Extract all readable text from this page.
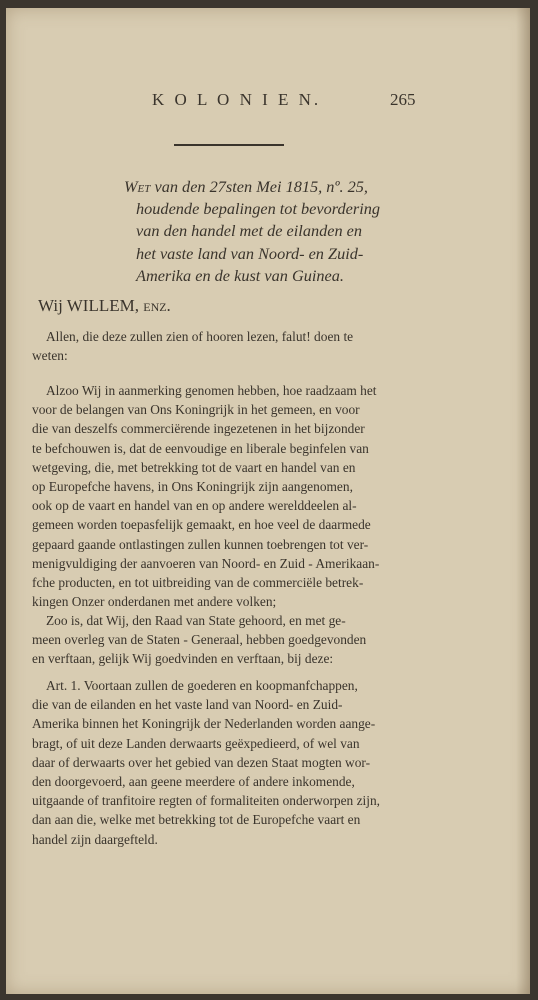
K O L O N I E N.	265

Wet van den 27sten Mei 1815, nº. 25,
houdende bepalingen tot bevordering
van den handel met de eilanden en
het vaste land van Noord- en Zuid-
Amerika en de kust van Guinea.

Wij WILLEM, enz.

Allen, die deze zullen zien of hooren lezen, falut! doen te
weten:

Alzoo Wij in aanmerking genomen hebben, hoe raadzaam het
voor de belangen van Ons Koningrijk in het gemeen, en voor
die van deszelfs commerciërende ingezetenen in het bijzonder
te befchouwen is, dat de eenvoudige en liberale beginfelen van
wetgeving, die, met betrekking tot de vaart en handel van en
op Europefche havens, in Ons Koningrijk zijn aangenomen,
ook op de vaart en handel van en op andere werelddeelen al-
gemeen worden toepasfelijk gemaakt, en hoe veel de daarmede
gepaard gaande ontlastingen zullen kunnen toebrengen tot ver-
menigvuldiging der aanvoeren van Noord- en Zuid - Amerikaan-
fche producten, en tot uitbreiding van de commerciële betrek-
kingen Onzer onderdanen met andere volken;

Zoo is, dat Wij, den Raad van State gehoord, en met ge-
meen overleg van de Staten - Generaal, hebben goedgevonden
en verftaan, gelijk Wij goedvinden en verftaan, bij deze:

Art. 1. Voortaan zullen de goederen en koopmanfchappen,
die van de eilanden en het vaste land van Noord- en Zuid-
Amerika binnen het Koningrijk der Nederlanden worden aange-
bragt, of uit deze Landen derwaarts geëxpedieerd, of wel van
daar of derwaarts over het gebied van dezen Staat mogten wor-
den doorgevoerd, aan geene meerdere of andere inkomende,
uitgaande of tranfitoire regten of formaliteiten onderworpen zijn,
dan aan die, welke met betrekking tot de Europefche vaart en
handel zijn daargefteld.
